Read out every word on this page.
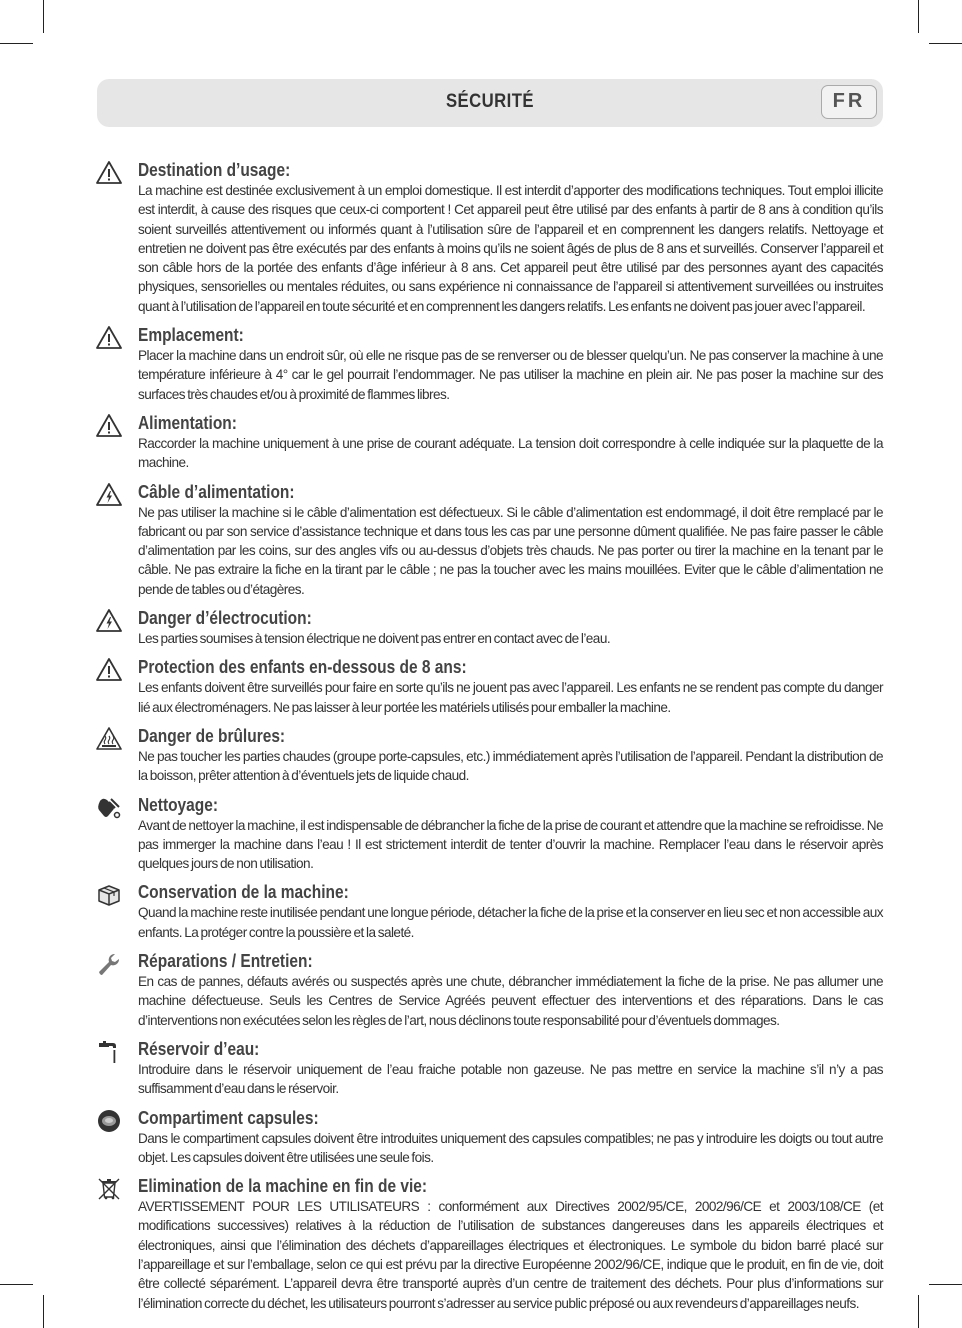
SÉCURITÉ	FR
Destination d’usage:
La machine est destinée exclusivement à un emploi domestique. Il est interdit d’apporter des modifications techniques. Tout emploi illicite est interdit, à cause des risques que ceux-ci comportent ! Cet appareil peut être utilisé par des enfants à partir de 8 ans à condition qu’ils soient surveillés attentivement ou informés quant à l’utilisation sûre de l’appareil et en comprennent les dangers relatifs. Nettoyage et entretien ne doivent pas être exécutés par des enfants à moins qu’ils ne soient âgés de plus de 8 ans et surveillés. Conserver l’appareil et son câble hors de la portée des enfants d’âge inférieur à 8 ans. Cet appareil peut être utilisé par des personnes ayant des capacités physiques, sensorielles ou mentales réduites, ou sans expérience ni connaissance de l’appareil si attentivement surveillées ou instruites quant à l’utilisation de l’appareil en toute sécurité et en comprennent les dangers relatifs. Les enfants ne doivent pas jouer avec l’appareil.
Emplacement:
Placer la machine dans un endroit sûr, où elle ne risque pas de se renverser ou de blesser quelqu’un. Ne pas conserver la machine à une température inférieure à 4° car le gel pourrait l’endommager. Ne pas utiliser la machine en plein air. Ne pas poser la machine sur des surfaces très chaudes et/ou à proximité de flammes libres.
Alimentation:
Raccorder la machine uniquement à une prise de courant adéquate. La tension doit correspondre à celle indiquée sur la plaquette de la machine.
Câble d’alimentation:
Ne pas utiliser la machine si le câble d’alimentation est défectueux. Si le câble d’alimentation est endommagé, il doit être remplacé par le fabricant ou par son service d’assistance technique et dans tous les cas par une personne dûment qualifiée. Ne pas faire passer le câble d’alimentation par les coins, sur des angles vifs ou au-dessus d’objets très chauds. Ne pas porter ou tirer la machine en la tenant par le câble. Ne pas extraire la fiche en la tirant par le câble ; ne pas la toucher avec les mains mouillées. Eviter que le câble d’alimentation ne pende de tables ou d’étagères.
Danger d’électrocution:
Les parties soumises à tension électrique ne doivent pas entrer en contact avec de l’eau.
Protection des enfants en-dessous de 8 ans:
Les enfants doivent être surveillés pour faire en sorte qu’ils ne jouent pas avec l’appareil. Les enfants ne se rendent pas compte du danger lié aux électroménagers. Ne pas laisser à leur portée les matériels utilisés pour emballer la machine.
Danger de brûlures:
Ne pas toucher les parties chaudes (groupe porte-capsules, etc.) immédiatement après l’utilisation de l’appareil. Pendant la distribution de la boisson, prêter attention à d’éventuels jets de liquide chaud.
Nettoyage:
Avant de nettoyer la machine, il est indispensable de débrancher la fiche de la prise de courant et attendre que la machine se refroidisse. Ne pas immerger la machine dans l’eau ! Il est strictement interdit de tenter d’ouvrir la machine. Remplacer l’eau dans le réservoir après quelques jours de non utilisation.
Conservation de la machine:
Quand la machine reste inutilisée pendant une longue période, détacher la fiche de la prise et la conserver en lieu sec et non accessible aux enfants. La protéger contre la poussière et la saleté.
Réparations / Entretien:
En cas de pannes, défauts avérés ou suspectés après une chute, débrancher immédiatement la fiche de la prise. Ne pas allumer une machine défectueuse. Seuls les Centres de Service Agréés peuvent effectuer des interventions et des réparations. Dans le cas d’interventions non exécutées selon les règles de l’art, nous déclinons toute responsabilité pour d’éventuels dommages.
Réservoir d’eau:
Introduire dans le réservoir uniquement de l’eau fraiche potable non gazeuse. Ne pas mettre en service la machine s’il n’y a pas suffisamment d’eau dans le réservoir.
Compartiment capsules:
Dans le compartiment capsules doivent être introduites uniquement des capsules compatibles; ne pas y introduire les doigts ou tout autre objet. Les capsules doivent être utilisées une seule fois.
Elimination de la machine en fin de vie:
AVERTISSEMENT POUR LES UTILISATEURS : conformément aux Directives 2002/95/CE, 2002/96/CE et 2003/108/CE (et modifications successives) relatives à la réduction de l’utilisation de substances dangereuses dans les appareils électriques et électroniques, ainsi que l’élimination des déchets d’appareillages électriques et électroniques. Le symbole du bidon barré placé sur l’appareillage et sur l’emballage, selon ce qui est prévu par la directive Européenne 2002/96/CE, indique que le produit, en fin de vie, doit être collecté séparément. L’appareil devra être transporté auprès d’un centre de traitement des déchets. Pour plus d’informations sur l’élimination correcte du déchet, les utilisateurs pourront s’adresser au service public préposé ou aux revendeurs d’appareillages neufs.
